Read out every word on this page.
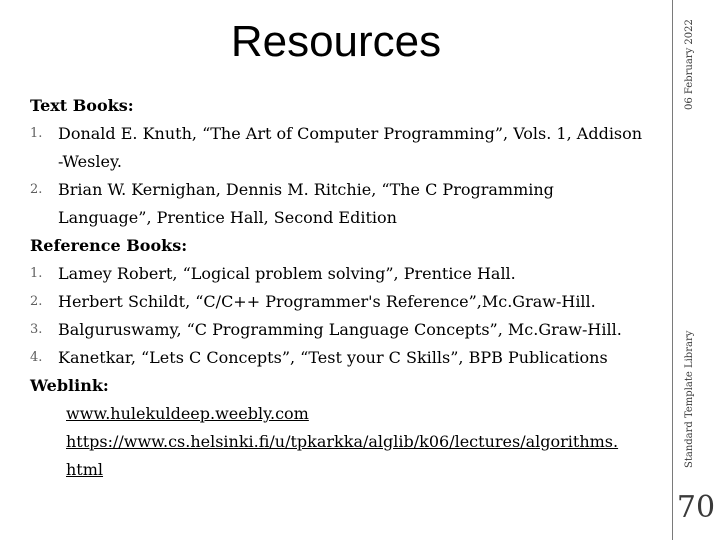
Resources
Text Books:
1. Donald E. Knuth, “The Art of Computer Programming”, Vols. 1, Addison
-Wesley.
2. Brian W. Kernighan, Dennis M. Ritchie, “The C Programming
Language”, Prentice Hall, Second Edition
Reference Books:
1. Lamey Robert, “Logical problem solving”, Prentice Hall.
2. Herbert Schildt, “C/C++ Programmer's Reference”,Mc.Graw-Hill.
3. Balguruswamy, “C Programming Language Concepts”, Mc.Graw-Hill.
4. Kanetkar, “Lets C Concepts”, “Test your C Skills”, BPB Publications
Weblink:
www.hulekuldeep.weebly.com
https://www.cs.helsinki.fi/u/tpkarkka/alglib/k06/lectures/algorithms.
html
06 February 2022
Standard Template Library
70
